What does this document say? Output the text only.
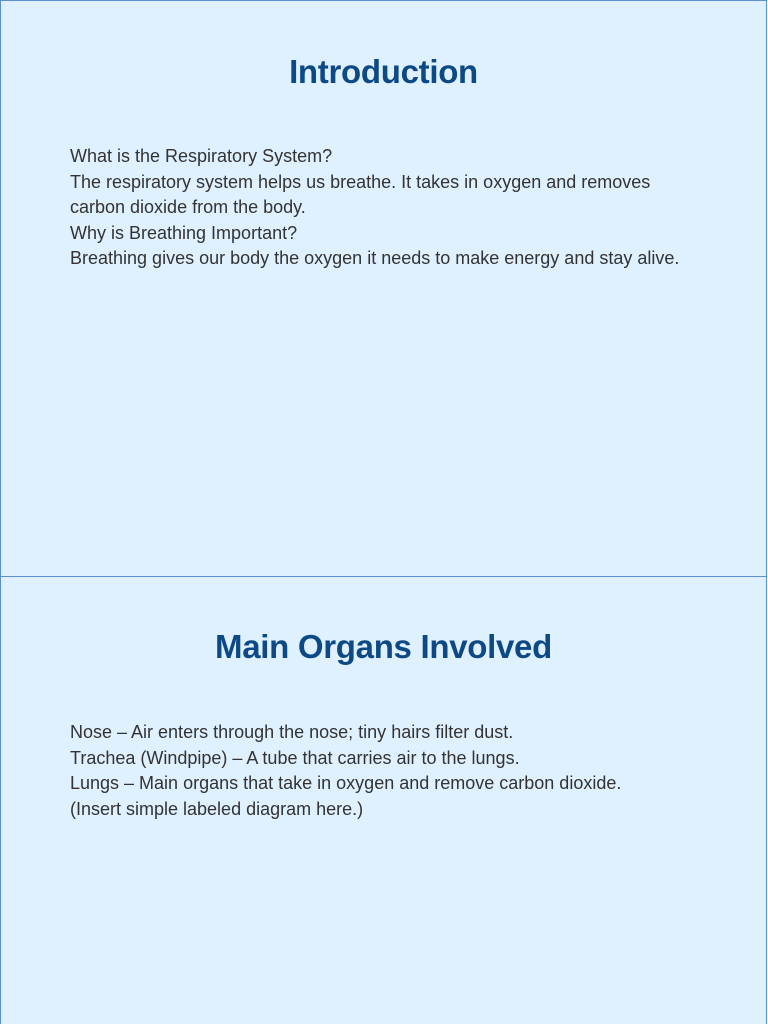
Introduction

What is the Respiratory System?

The respiratory system helps us breathe. It takes in oxygen and removes carbon dioxide from the body.

Why is Breathing Important?

Breathing gives our body the oxygen it needs to make energy and stay alive.

Main Organs Involved

Nose – Air enters through the nose; tiny hairs filter dust.

Trachea (Windpipe) – A tube that carries air to the lungs.

Lungs – Main organs that take in oxygen and remove carbon dioxide.

(Insert simple labeled diagram here.)
